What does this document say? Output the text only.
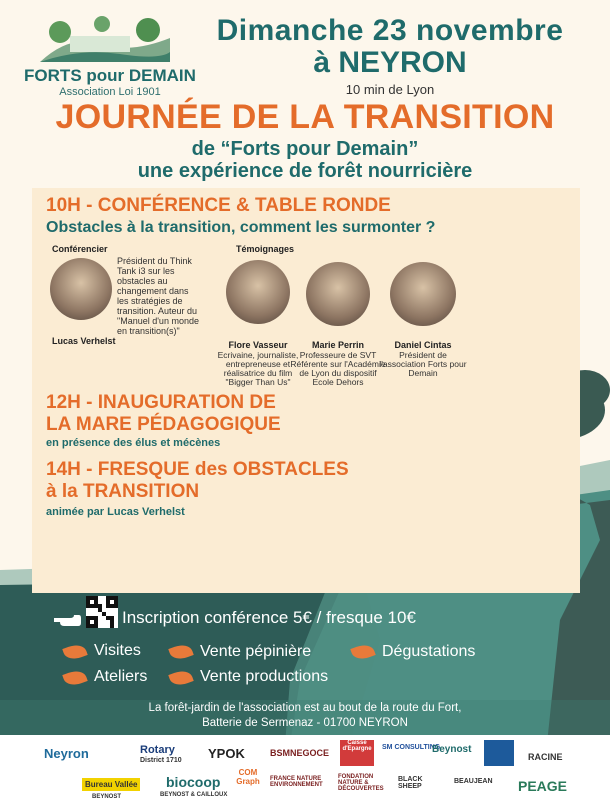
FORTS pour DEMAIN
Association Loi 1901
Dimanche 23 novembre
à NEYRON
10 min de Lyon
JOURNÉE DE LA TRANSITION
de “Forts pour Demain”
une expérience de forêt nourricière
10H - CONFÉRENCE & TABLE RONDE
Obstacles à la transition, comment les surmonter ?
Conférencier
Président du Think Tank i3 sur les obstacles au changement dans les stratégies de transition. Auteur du "Manuel d'un monde en transition(s)"
Lucas Verhelst
Témoignages
Flore Vasseur
Ecrivaine, journaliste, entrepreneuse et réalisatrice du film "Bigger Than Us"
Marie Perrin
Professeure de SVT Référente sur l'Académie de Lyon du dispositif Ecole Dehors
Daniel Cintas
Président de l'association Forts pour Demain
12H - INAUGURATION DE
LA MARE PÉDAGOGIQUE
en présence des élus et mécènes
14H - FRESQUE des OBSTACLES
à la TRANSITION
animée par Lucas Verhelst
Inscription conférence 5€ / fresque 10€
Visites	Vente pépinière	Dégustations
Ateliers	Vente productions
La forêt-jardin de l'association est au bout de la route du Fort,
Batterie de Sermenaz - 01700 NEYRON
Neyron	Rotary
District 1710 YPOK	BSMNEGOCE
Caisse d'Epargne	SM CONSULTING
Beynost
RACINE
Bureau Vallée
BEYNOST
biocoop
BEYNOST & CAILLOUX
COM Graph	FRANCE NATURE ENVIRONNEMENT
FONDATION NATURE & DÉCOUVERTES
BLACK SHEEP
BEAUJEAN PEAGE
